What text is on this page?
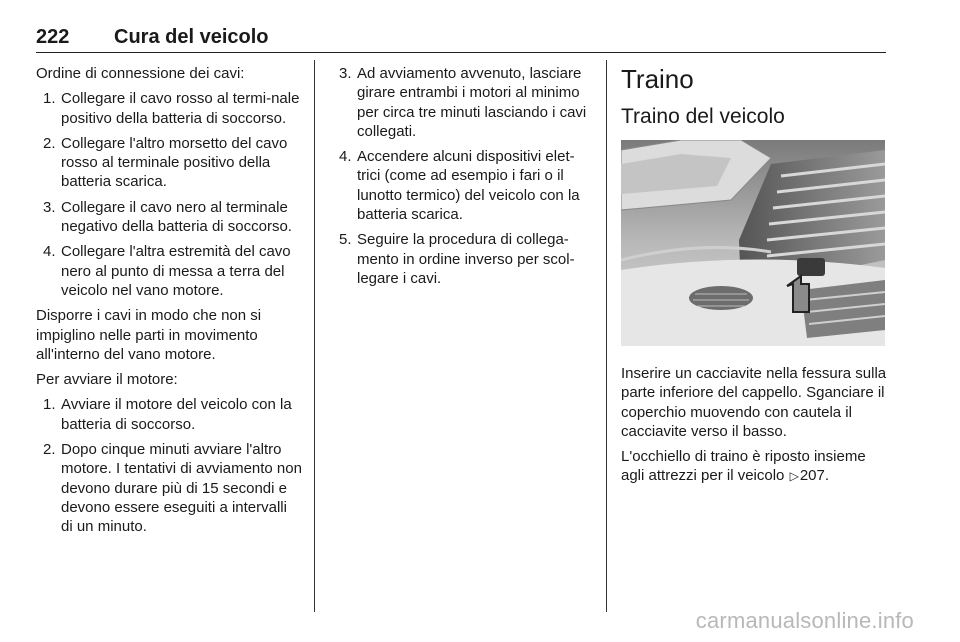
222 Cura del veicolo

Ordine di connessione dei cavi:

1. Collegare il cavo rosso al termi-nale positivo della batteria di soccorso.
2. Collegare l'altro morsetto del cavo rosso al terminale positivo della batteria scarica.
3. Collegare il cavo nero al terminale negativo della batteria di soccorso.
4. Collegare l'altra estremità del cavo nero al punto di messa a terra del veicolo nel vano motore.

Disporre i cavi in modo che non si impiglino nelle parti in movimento all'interno del vano motore.

Per avviare il motore:

1. Avviare il motore del veicolo con la batteria di soccorso.
2. Dopo cinque minuti avviare l'altro motore. I tentativi di avviamento non devono durare più di 15 secondi e devono essere eseguiti a intervalli di un minuto.
3. Ad avviamento avvenuto, lasciare girare entrambi i motori al minimo per circa tre minuti lasciando i cavi collegati.
4. Accendere alcuni dispositivi elet-trici (come ad esempio i fari o il lunotto termico) del veicolo con la batteria scarica.
5. Seguire la procedura di collega-mento in ordine inverso per scol-legare i cavi.
Traino
Traino del veicolo

Inserire un cacciavite nella fessura sulla parte inferiore del cappello. Sganciare il coperchio muovendo con cautela il cacciavite verso il basso.

L'occhiello di traino è riposto insieme agli attrezzi per il veicolo ▷207.

carmanualsonline.info
